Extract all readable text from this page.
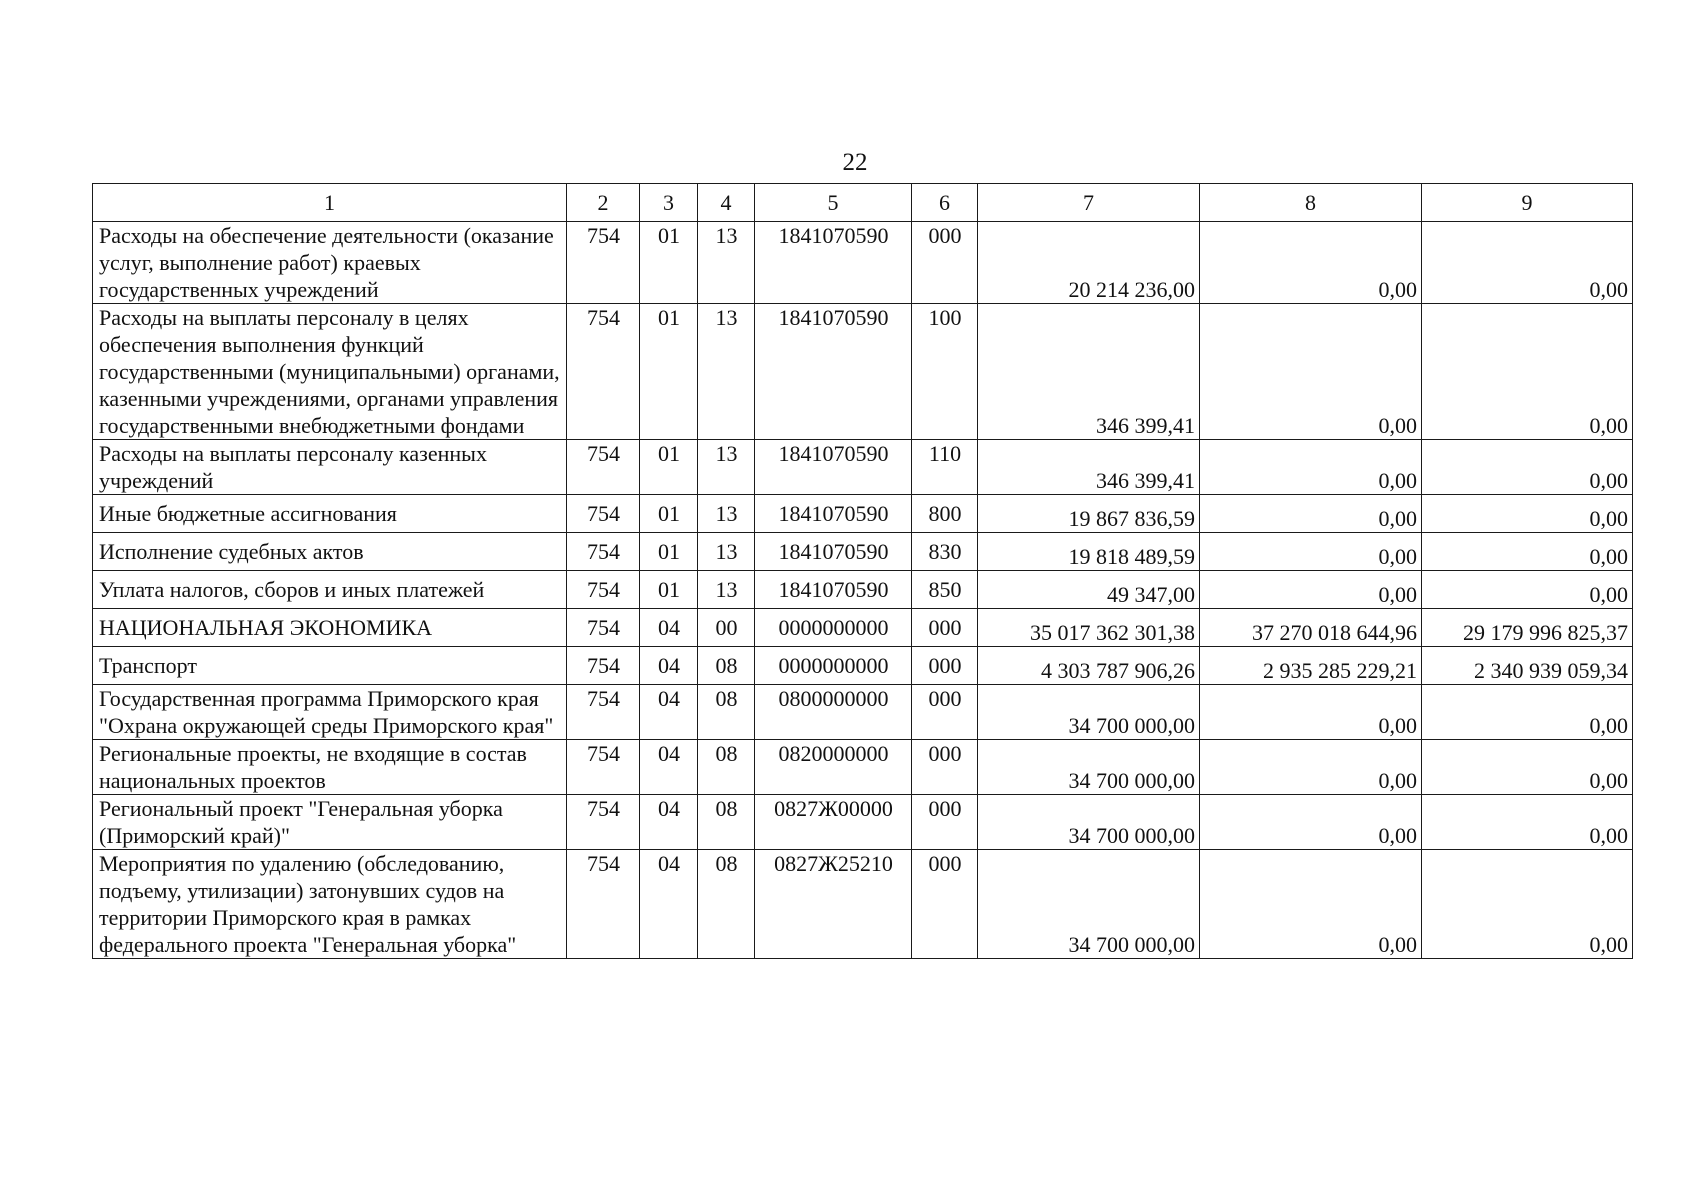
22
1	2	3	4	5	6	7	8	9
Расходы на обеспечение деятельности (оказание услуг, выполнение работ) краевых государственных учреждений	754	01	13	1841070590	000	20 214 236,00	0,00	0,00
Расходы на выплаты персоналу в целях обеспечения выполнения функций государственными (муниципальными) органами, казенными учреждениями, органами управления государственными внебюджетными фондами	754	01	13	1841070590	100	346 399,41	0,00	0,00
Расходы на выплаты персоналу казенных учреждений	754	01	13	1841070590	110	346 399,41	0,00	0,00
Иные бюджетные ассигнования	754	01	13	1841070590	800	19 867 836,59	0,00	0,00
Исполнение судебных актов	754	01	13	1841070590	830	19 818 489,59	0,00	0,00
Уплата налогов, сборов и иных платежей	754	01	13	1841070590	850	49 347,00	0,00	0,00
НАЦИОНАЛЬНАЯ ЭКОНОМИКА	754	04	00	0000000000	000	35 017 362 301,38	37 270 018 644,96	29 179 996 825,37
Транспорт	754	04	08	0000000000	000	4 303 787 906,26	2 935 285 229,21	2 340 939 059,34
Государственная программа Приморского края "Охрана окружающей среды Приморского края"	754	04	08	0800000000	000	34 700 000,00	0,00	0,00
Региональные проекты, не входящие в состав национальных проектов	754	04	08	0820000000	000	34 700 000,00	0,00	0,00
Региональный проект "Генеральная уборка (Приморский край)"	754	04	08	0827Ж00000	000	34 700 000,00	0,00	0,00
Мероприятия по удалению (обследованию, подъему, утилизации) затонувших судов на территории Приморского края в рамках федерального проекта "Генеральная уборка"	754	04	08	0827Ж25210	000	34 700 000,00	0,00	0,00
